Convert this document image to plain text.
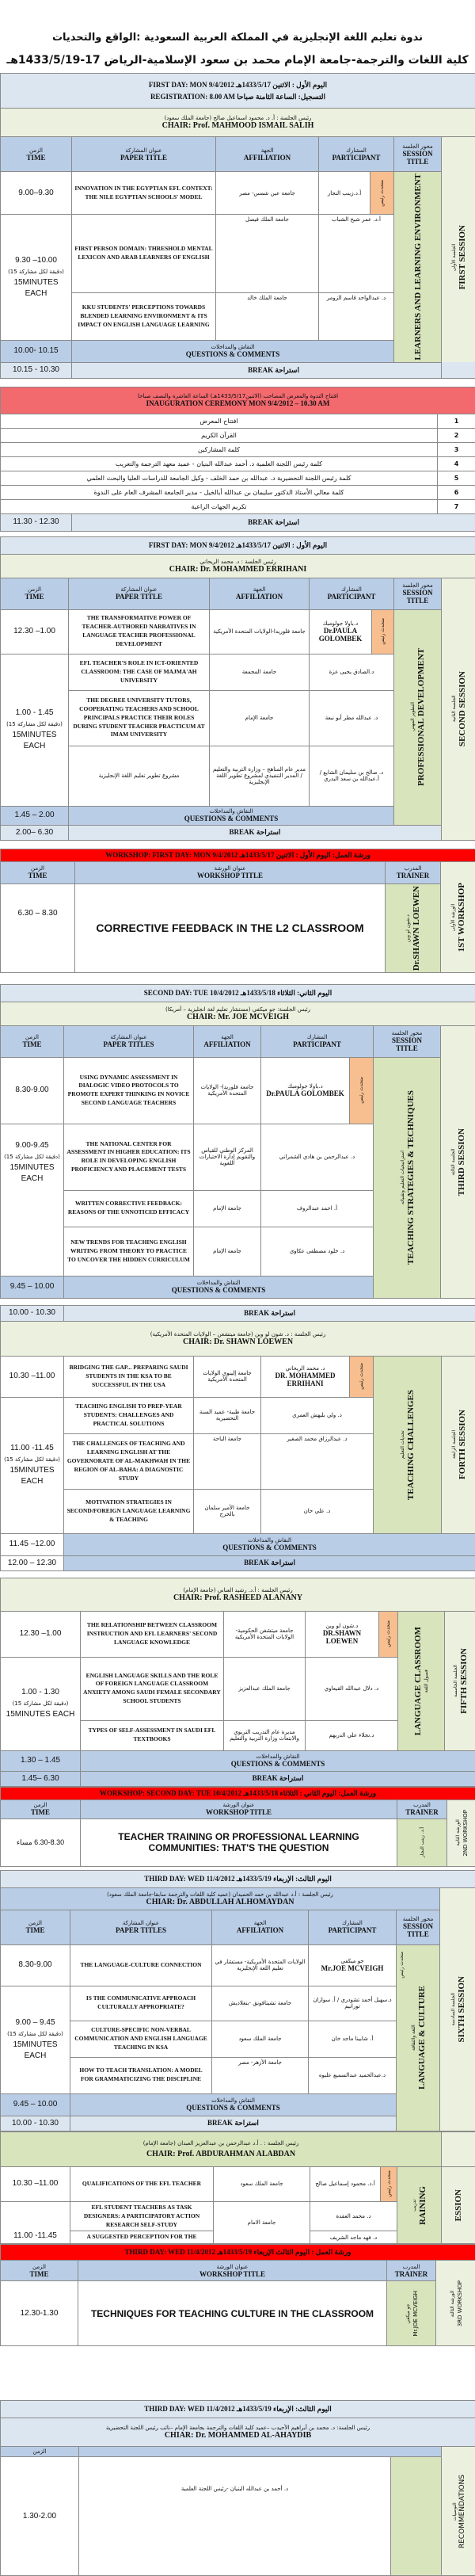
ندوة تعليم اللغة الإنجليزية في المملكة العربية السعودية :الواقع والتحديات
كلية اللغات والترجمة-جامعة الإمام محمد بن سعود الإسلامية-الرياض 17-1433/5/19هـ
FIRST DAY: MON 9/4/2012 اليوم الأول : الاثنين 1433/5/17هـ
REGISTRATION: 8.00 AM التسجيل: الساعة الثامنة صباحا						

رئيس الجلسة : أ. د. محمود اسماعيل صالح (جامعة الملك سعود)
CHAIR: Prof. MAHMOOD ISMAIL SALIH						

الزمن
TIME	عنوان المشاركة
PAPER TITLE	الجهة
AFFILIATION	المشارك
PARTICIPANT		محور الجلسة
SESSION
TITLE	الجلسة الأولى
FIRST SESSION

9.00–9.30	INNOVATION IN THE EGYPTIAN EFL CONTEXT: THE NILE EGYPTIAN SCHOOLS' MODEL	جامعة عين شمس- مصر	أ.د.زينب النجار	متحدث رئيس	LEARNERS AND LEARNING ENVIRONMENT	

9.30 –10.00
(15 دقيقة لكل مشاركة)
15MINUTES EACH	FIRST PERSON DOMAIN: THRESHOLD MENTAL LEXICON AND ARAB LEARNERS OF ENGLISH	جامعة الملك فيصل	أ.د. عمر شيخ الشباب			
	KKU STUDENTS' PERCEPTIONS TOWARDS BLENDED LEARNING ENVIRONMENT & ITS IMPACT ON ENGLISH LANGUAGE LEARNING	جامعة الملك خالد	د. عبدالواحد قاسم الزومر			
10.00- 10.15	النقاش والمداخلات
QUESTIONS & COMMENTS					
10.15 - 10.30	BREAK استراحة					
افتتاح الندوة والمعرض المصاحب (الاثنين1433/5/17هـ) الساعة العاشرة والنصف صباحا
INAUGURATION CEREMONY MON 9/4/2012 – 10.30 AM		
افتتاح المعرض		1
القرآن الكريم		2
كلمة المشاركين		3
كلمة رئيس اللجنة العلمية د. أحمد عبدالله البنيان - عميد معهد الترجمة والتعريب		4
كلمة رئيس اللجنة التحضيرية د. عبدالله بن حمد الخلف - وكيل الجامعة للدراسات العليا والبحث العلمي		5
كلمة معالي الأستاذ الدكتور سليمان بن عبدالله أبالخيل - مدير الجامعة المشرف العام على الندوة		6
تكريم الجهات الراعية		7
11.30 - 12.30	BREAK استراحة	
FIRST DAY: MON 9/4/2012 اليوم الأول : الاثنين 1433/5/17هـ						

رئيس الجلسة : د. محمد الريحاني
CHAIR: Dr. MOHAMMED ERRIHANI						

الزمن
TIME	عنوان المشاركة
PAPER TITLE	الجهة
AFFILIATION	المشارك
PARTICIPANT		محور الجلسة
SESSION
TITLE	الجلسة الثانية
SECOND SESSION

12.30 –1.00	THE TRANSFORMATIVE POWER OF TEACHER-AUTHORED NARRATIVES IN LANGUAGE TEACHER PROFESSIONAL DEVELOPMENT	جامعة فلوريدا-الولايات المتحدة الأمريكية	د.باولا جولومبك
Dr.PAULA GOLOMBEK	متحدث رئيس	التطوير المهني
PROFESSIONAL DEVELOPMENT	

1.00 - 1.45
(15 دقيقة لكل مشاركة)
15MINUTES EACH	EFL TEACHER'S ROLE IN ICT-ORIENTED CLASSROOM: THE CASE OF MAJMA'AH UNIVERSITY	جامعة المجمعة	د.الصادق يحيى عزة			
	THE DEGREE UNIVERSITY TUTORS, COOPERATING TEACHERS AND SCHOOL PRINCIPALS PRACTICE THEIR ROLES DURING STUDENT TEACHER PRACTICUM AT IMAM UNIVERSITY	جامعة الإمام	د. عبدالله مطر أبو نبعة			
	مشروع تطوير تعليم اللغة الإنجليزية	مدير عام المناهج – وزارة التربية والتعليم / المدير التنفيذي لمشروع تطوير اللغة الإنجليزية	د. صالح بن سليمان الشايع / أ.عبدالله بن سعد البدري			
1.45 – 2.00	النقاش والمداخلات
QUESTIONS & COMMENTS					
2.00– 6.30	BREAK استراحة					
WORKSHOP: FIRST DAY: MON 9/4/2012 ورشة العمل: اليوم الأول : الاثنين 1433/5/17هـ			

الزمن
TIME	عنوان الورشة
WORKSHOP TITLE	المدرب
TRAINER	الورشة الأولى
1ST WORKSHOP

6.30 – 8.30	CORRECTIVE FEEDBACK IN THE L2 CLASSROOM	د.شون لو وين
Dr.SHAWN LOEWEN	
SECOND DAY: TUE 10/4/2012 اليوم الثاني: الثلاثاء 1433/5/18هـ						

رئيس الجلسة: جو ميكفي (مستشار تعليم لغة انجليزية – أمريكا)
CHAIR: Mr. JOE MCVEIGH						

الزمن
TIME	عنوان المشاركة
PAPER TITLES	الجهة
AFFILIATION	المشارك
PARTICIPANT		محور الجلسة
SESSION
TITLE	الجلسة الثالثة
THIRD SESSION

8.30-9.00	USING DYNAMIC ASSESSMENT IN DIALOGIC VIDEO PROTOCOLS TO PROMOTE EXPERT THINKING IN NOVICE SECOND LANGUAGE TEACHERS	جامعة فلوريدا- الولايات المتحدة الأمريكية	د.باولا جولومبك
Dr.PAULA GOLOMBEK	متحدث رئيس	استراتيجيات التعليم وتقنياته
TEACHING STRATEGIES & TECHNIQUES	

9.00-9.45
(15 دقيقة لكل مشاركة)
15MINUTES EACH	THE NATIONAL CENTER FOR ASSESSMENT IN HIGHER EDUCATION: ITS ROLE IN DEVELOPING ENGLISH PROFICIENCY AND PLACEMENT TESTS	المركز الوطني للقياس والتقويم إدارة الاختبارات اللغوية	د. عبدالرحمن بن هادي الشمراني			
	WRITTEN CORRECTIVE FEEDBACK: REASONS OF THE UNNOTICED EFFICACY	جامعة الإمام	أ. احمد عبدالروف			
	NEW TRENDS FOR TEACHING ENGLISH WRITING FROM THEORY TO PRACTICE TO UNCOVER THE HIDDEN CURRICULUM	جامعة الإمام	د. خلود مصطفى عكاوي			
9.45 – 10.00	النقاش والمداخلات
QUESTIONS & COMMENTS					
10.00 - 10.30	BREAK استراحة					

رئيس الجلسة : د. شون لو وين (جامعة ميتشغن – الولايات المتحدة الأمريكية)
CHAIR: Dr. SHAWN LOEWEN						

10.30 –11.00	BRIDGING THE GAP... PREPARING SAUDI STUDENTS IN THE KSA TO BE SUCCESSFUL IN THE USA	جامعة إلينوي الولايات المتحدة الأمريكية	د. محمد الريحاني
DR. MOHAMMED ERRIHANI	متحدث رئيس	تحديات التعليم
TEACHING CHALLENGES	الجلسة الرابعة
FORTH SESSION

11.00 -11.45
(15 دقيقة لكل مشاركة)
15MINUTES EACH	TEACHING ENGLISH TO PREP-YEAR STUDENTS: CHALLENGES AND PRACTICAL SOLUTIONS	جامعة طيبة- عميد السنة التحضيرية	د. ولي بليهش العمري			
	THE CHALLENGES OF TEACHING AND LEARNING ENGLISH AT THE GOVERNORATE OF AL-MAKHWAH IN THE REGION OF AL-BAHA: A DIAGNOSTIC STUDY	جامعة الباحة	د. عبدالرزاق محمد الصغير			
	MOTIVATION STRATEGIES IN SECOND/FOREIGN LANGUAGE LEARNING & TEACHING	جامعة الأمير سلمان بالخرج	د. علي خان			
11.45 –12.00	النقاش والمداخلات
QUESTIONS & COMMENTS					
12.00 – 12.30	BREAK استراحة					
رئيس الجلسة : أ.د. رشيد العناني (جامعة الإمام)
CHAIR: Prof. RASHEED ALANANY						

12.30 –1.00	THE RELATIONSHIP BETWEEN CLASSROOM INSTRUCTION AND EFL LEARNERS' SECOND LANGUAGE KNOWLEDGE	جامعة ميتشغن الحكومية- الولايات المتحدة الأمريكية	د.شون لو وين
DR.SHAWN LOEWEN	متحدث رئيس	LANGUAGE CLASSROOM
فصول اللغة	الجلسة الخامسة
FIFTH SESSION

1.00 - 1.30
(15 دقيقة لكل مشاركة)
15MINUTES EACH	ENGLISH LANGUAGE SKILLS AND THE ROLE OF FOREIGN LANGUAGE CLASSROOM ANXIETY AMONG SAUDI FEMALE SECONDARY SCHOOL STUDENTS	جامعة الملك عبدالعزيز	د. دلال عبدالله القيعاوي			
	TYPES OF SELF-ASSESSMENT IN SAUDI EFL TEXTBOOKS	مديرة عام التدريب التربوي والابتعاث وزارة التربية والتعليم	د.نجلاء علي الدريهم			
1.30 – 1.45	النقاش والمداخلات
QUESTIONS & COMMENTS					
1.45– 6.30	BREAK استراحة					
WORKSHOP: SECOND DAY: TUE 10/4/2012 ورشة العمل: اليوم الثاني : الثلاثاء 1433/5/18هـ			

الزمن
TIME	عنوان الورشة
WORKSHOP TITLE	المدرب
TRAINER	الورشة الثانية 2ND WORKSHOP

6.30-8.30 مساء	TEACHER TRAINING OR PROFESSIONAL LEARNING COMMUNITIES: THAT'S THE QUESTION	أ.د. زينب النجار	
THIRD DAY: WED 11/4/2012 اليوم الثالث: الإربعاء 1433/5/19هـ					

رئيس الجلسة : أ.د عبدالله بن حمد الحميدان (عميد كلية اللغات والترجمة سابقا-جامعة الملك سعود)
CHIAR: Dr. ABDULLAH ALHOMAYDAN					الجلسة السادسة
SIXTH SESSION

الزمن
TIME	عنوان المشاركة
PAPER TITLES	الجهة
AFFILIATION	المشارك
PARTICIPANT	محور الجلسة
SESSION
TITLE	

8.30-9.00	THE LANGUAGE-CULTURE CONNECTION	الولايات المتحدة الأمريكية- مستشار في تعليم اللغة الإنجليزية	جو ميكفي
Mr.JOE MCVEIGH	متحدث رئيس	اللغة والثقافة
LANGUAGE & CULTURE	

9.00 – 9.45
(15 دقيقة لكل مشاركة)
15MINUTES EACH	IS THE COMMUNICATIVE APPROACH CULTURALLY APPROPRIATE?	جامعة تشيتاقونق -بنغلاديش	د.سهيل أحمد تشودري / أ. سوازان تورانيم		
	CULTURE-SPECIFIC NON-VERBAL COMMUNICATION AND ENGLISH LANGUAGE TEACHING IN KSA	جامعة الملك سعود	أ. شابينا ماجد خان		
	HOW TO TEACH TRANSLATION: A MODEL FOR GRAMMATICIZING THE DISCIPLINE	جامعة الأزهر- مصر	د.عبدالحميد عبدالسميع عليوه		
9.45 – 10.00	النقاش والمداخلات
QUESTIONS & COMMENTS				
10.00 - 10.30	BREAK استراحة				
رئيس الجلسة : . أ.د عبدالرحمن بن عبدالعزيز العبدان (جامعة الإمام)
CHAIR: Prof. ABDURAHMAN ALABDAN						

10.30 –11.00	QUALIFICATIONS OF THE EFL TEACHER	جامعة الملك سعود	أ.د. محمود إسماعيل صالح	متحدث رئيس	تدريب
RAINING	ESSION

11.00 -11.45	EFL STUDENT TEACHERS AS TASK DESIGNERS: A PARTICIPATORY ACTION RESEARCH SELF-STUDY	جامعة الامام	د. محمد العقدة			
	A SUGGESTED PERCEPTION FOR THE		د. فهد ماجد الشريف			
THIRD DAY: WED 11/4/2012 ورشة العمل : اليوم الثالث الإربعاء 1433/5/19هـ			

الزمن
TIME	عنوان الورشة
WORKSHOP TITLE	المدرب
TRAINER	الورشة الثالثة 3RD WORKSHOP

12.30-1.30	TECHNIQUES FOR TEACHING CULTURE IN THE CLASSROOM	جو ميكفي Mr.JOE MCVEIGH	
THIRD DAY: WED 11/4/2012 اليوم الثالث: الإربعاء 1433/5/19هـ			

رئيس الجلسة: د. محمد بن أبراهيم الأحيدب –عميد كلية اللغات والترجمة بجامعة الإمام –نائب رئيس اللجنة التحضيرية
CHIAR: Dr. MOHAMMED AL-AHAYDIB			

الزمن			التوصيات
RECOMMENDATIONS

1.30-2.00	د. أحمد بن عبدالله البنيان -رئيس اللجنة العلمية		
